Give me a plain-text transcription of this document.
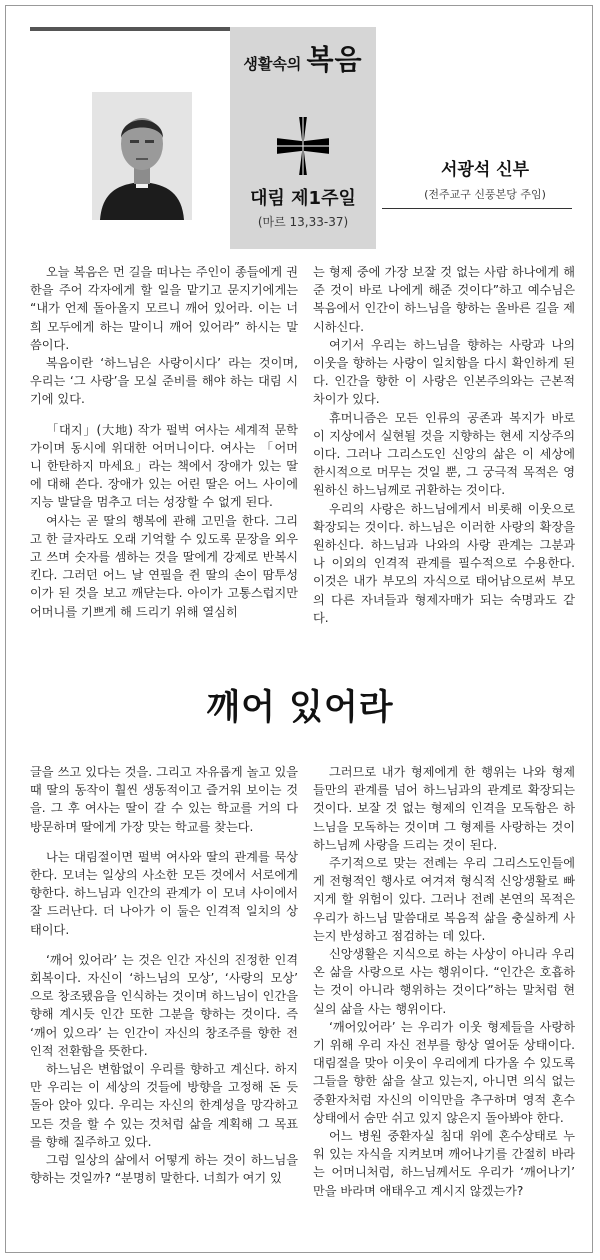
생활속의 복음
대림 제1주일
(마르 13,33-37)
서광석 신부
(전주교구 신풍본당 주임)

오늘 복음은 먼 길을 떠나는 주인이 종들에게 권한을 주어 각자에게 할 일을 맡기고 문지기에게는 “내가 언제 돌아올지 모르니 깨어 있어라. 이는 너희 모두에게 하는 말이니 깨어 있어라” 하시는 말씀이다.

복음이란 ‘하느님은 사랑이시다’ 라는 것이며, 우리는 ‘그 사랑’을 모실 준비를 해야 하는 대림 시기에 있다.

「대지」(大地) 작가 펄벅 여사는 세계적 문학가이며 동시에 위대한 어머니이다. 여사는 「어머니 한탄하지 마세요」라는 책에서 장애가 있는 딸에 대해 쓴다. 장애가 있는 어린 딸은 어느 사이에 지능 발달을 멈추고 더는 성장할 수 없게 된다.

여사는 곧 딸의 행복에 관해 고민을 한다. 그리고 한 글자라도 오래 기억할 수 있도록 문장을 외우고 쓰며 숫자를 셈하는 것을 딸에게 강제로 반복시킨다. 그러던 어느 날 연필을 쥔 딸의 손이 땀투성이가 된 것을 보고 깨닫는다. 아이가 고통스럽지만 어머니를 기쁘게 해 드리기 위해 열심히

는 형제 중에 가장 보잘 것 없는 사람 하나에게 해 준 것이 바로 나에게 해준 것이다”하고 예수님은 복음에서 인간이 하느님을 향하는 올바른 길을 제시하신다.

여기서 우리는 하느님을 향하는 사랑과 나의 이웃을 향하는 사랑이 일치함을 다시 확인하게 된다. 인간을 향한 이 사랑은 인본주의와는 근본적 차이가 있다.

휴머니즘은 모든 인류의 공존과 복지가 바로 이 지상에서 실현될 것을 지향하는 현세 지상주의이다. 그러나 그리스도인 신앙의 삶은 이 세상에 한시적으로 머무는 것일 뿐, 그 궁극적 목적은 영원하신 하느님께로 귀환하는 것이다.

우리의 사랑은 하느님에게서 비롯해 이웃으로 확장되는 것이다. 하느님은 이러한 사랑의 확장을 원하신다. 하느님과 나와의 사랑 관계는 그분과 나 이외의 인격적 관계를 필수적으로 수용한다. 이것은 내가 부모의 자식으로 태어남으로써 부모의 다른 자녀들과 형제자매가 되는 숙명과도 같다.

깨어 있어라

글을 쓰고 있다는 것을. 그리고 자유롭게 놀고 있을 때 딸의 동작이 훨씬 생동적이고 즐거워 보이는 것을. 그 후 여사는 딸이 갈 수 있는 학교를 거의 다 방문하며 딸에게 가장 맞는 학교를 찾는다.

나는 대림절이면 펄벅 여사와 딸의 관계를 묵상한다. 모녀는 일상의 사소한 모든 것에서 서로에게 향한다. 하느님과 인간의 관계가 이 모녀 사이에서 잘 드러난다. 더 나아가 이 둘은 인격적 일치의 상태이다.

‘깨어 있어라’ 는 것은 인간 자신의 진정한 인격 회복이다. 자신이 ‘하느님의 모상’, ‘사랑의 모상’ 으로 창조됐음을 인식하는 것이며 하느님이 인간을 향해 계시듯 인간 또한 그분을 향하는 것이다. 즉 ‘깨어 있으라’ 는 인간이 자신의 창조주를 향한 전인적 전환함을 뜻한다.

하느님은 변함없이 우리를 향하고 계신다. 하지만 우리는 이 세상의 것들에 방향을 고정해 돈 듯 돌아 앉아 있다. 우리는 자신의 한계성을 망각하고 모든 것을 할 수 있는 것처럼 삶을 계획해 그 목표를 향해 질주하고 있다.

그럼 일상의 삶에서 어떻게 하는 것이 하느님을 향하는 것일까? “분명히 말한다. 너희가 여기 있

그러므로 내가 형제에게 한 행위는 나와 형제들만의 관계를 넘어 하느님과의 관계로 확장되는 것이다. 보잘 것 없는 형제의 인격을 모독함은 하느님을 모독하는 것이며 그 형제를 사랑하는 것이 하느님께 사랑을 드리는 것이 된다.

주기적으로 맞는 전례는 우리 그리스도인들에게 전형적인 행사로 여겨져 형식적 신앙생활로 빠지게 할 위험이 있다. 그러나 전례 본연의 목적은 우리가 하느님 말씀대로 복음적 삶을 충실하게 사는지 반성하고 점검하는 데 있다.

신앙생활은 지식으로 하는 사상이 아니라 우리 온 삶을 사랑으로 사는 행위이다. “인간은 호흡하는 것이 아니라 행위하는 것이다”하는 말처럼 현실의 삶을 사는 행위이다.

‘깨어있어라’ 는 우리가 이웃 형제들을 사랑하기 위해 우리 자신 전부를 항상 열어둔 상태이다. 대림절을 맞아 이웃이 우리에게 다가올 수 있도록 그들을 향한 삶을 살고 있는지, 아니면 의식 없는 중환자처럼 자신의 이익만을 추구하며 영적 혼수 상태에서 숨만 쉬고 있지 않은지 돌아봐야 한다.

어느 병원 중환자실 침대 위에 혼수상태로 누워 있는 자식을 지켜보며 깨어나기를 간절히 바라는 어머니처럼, 하느님께서도 우리가 ‘깨어나기’ 만을 바라며 애태우고 계시지 않겠는가?
